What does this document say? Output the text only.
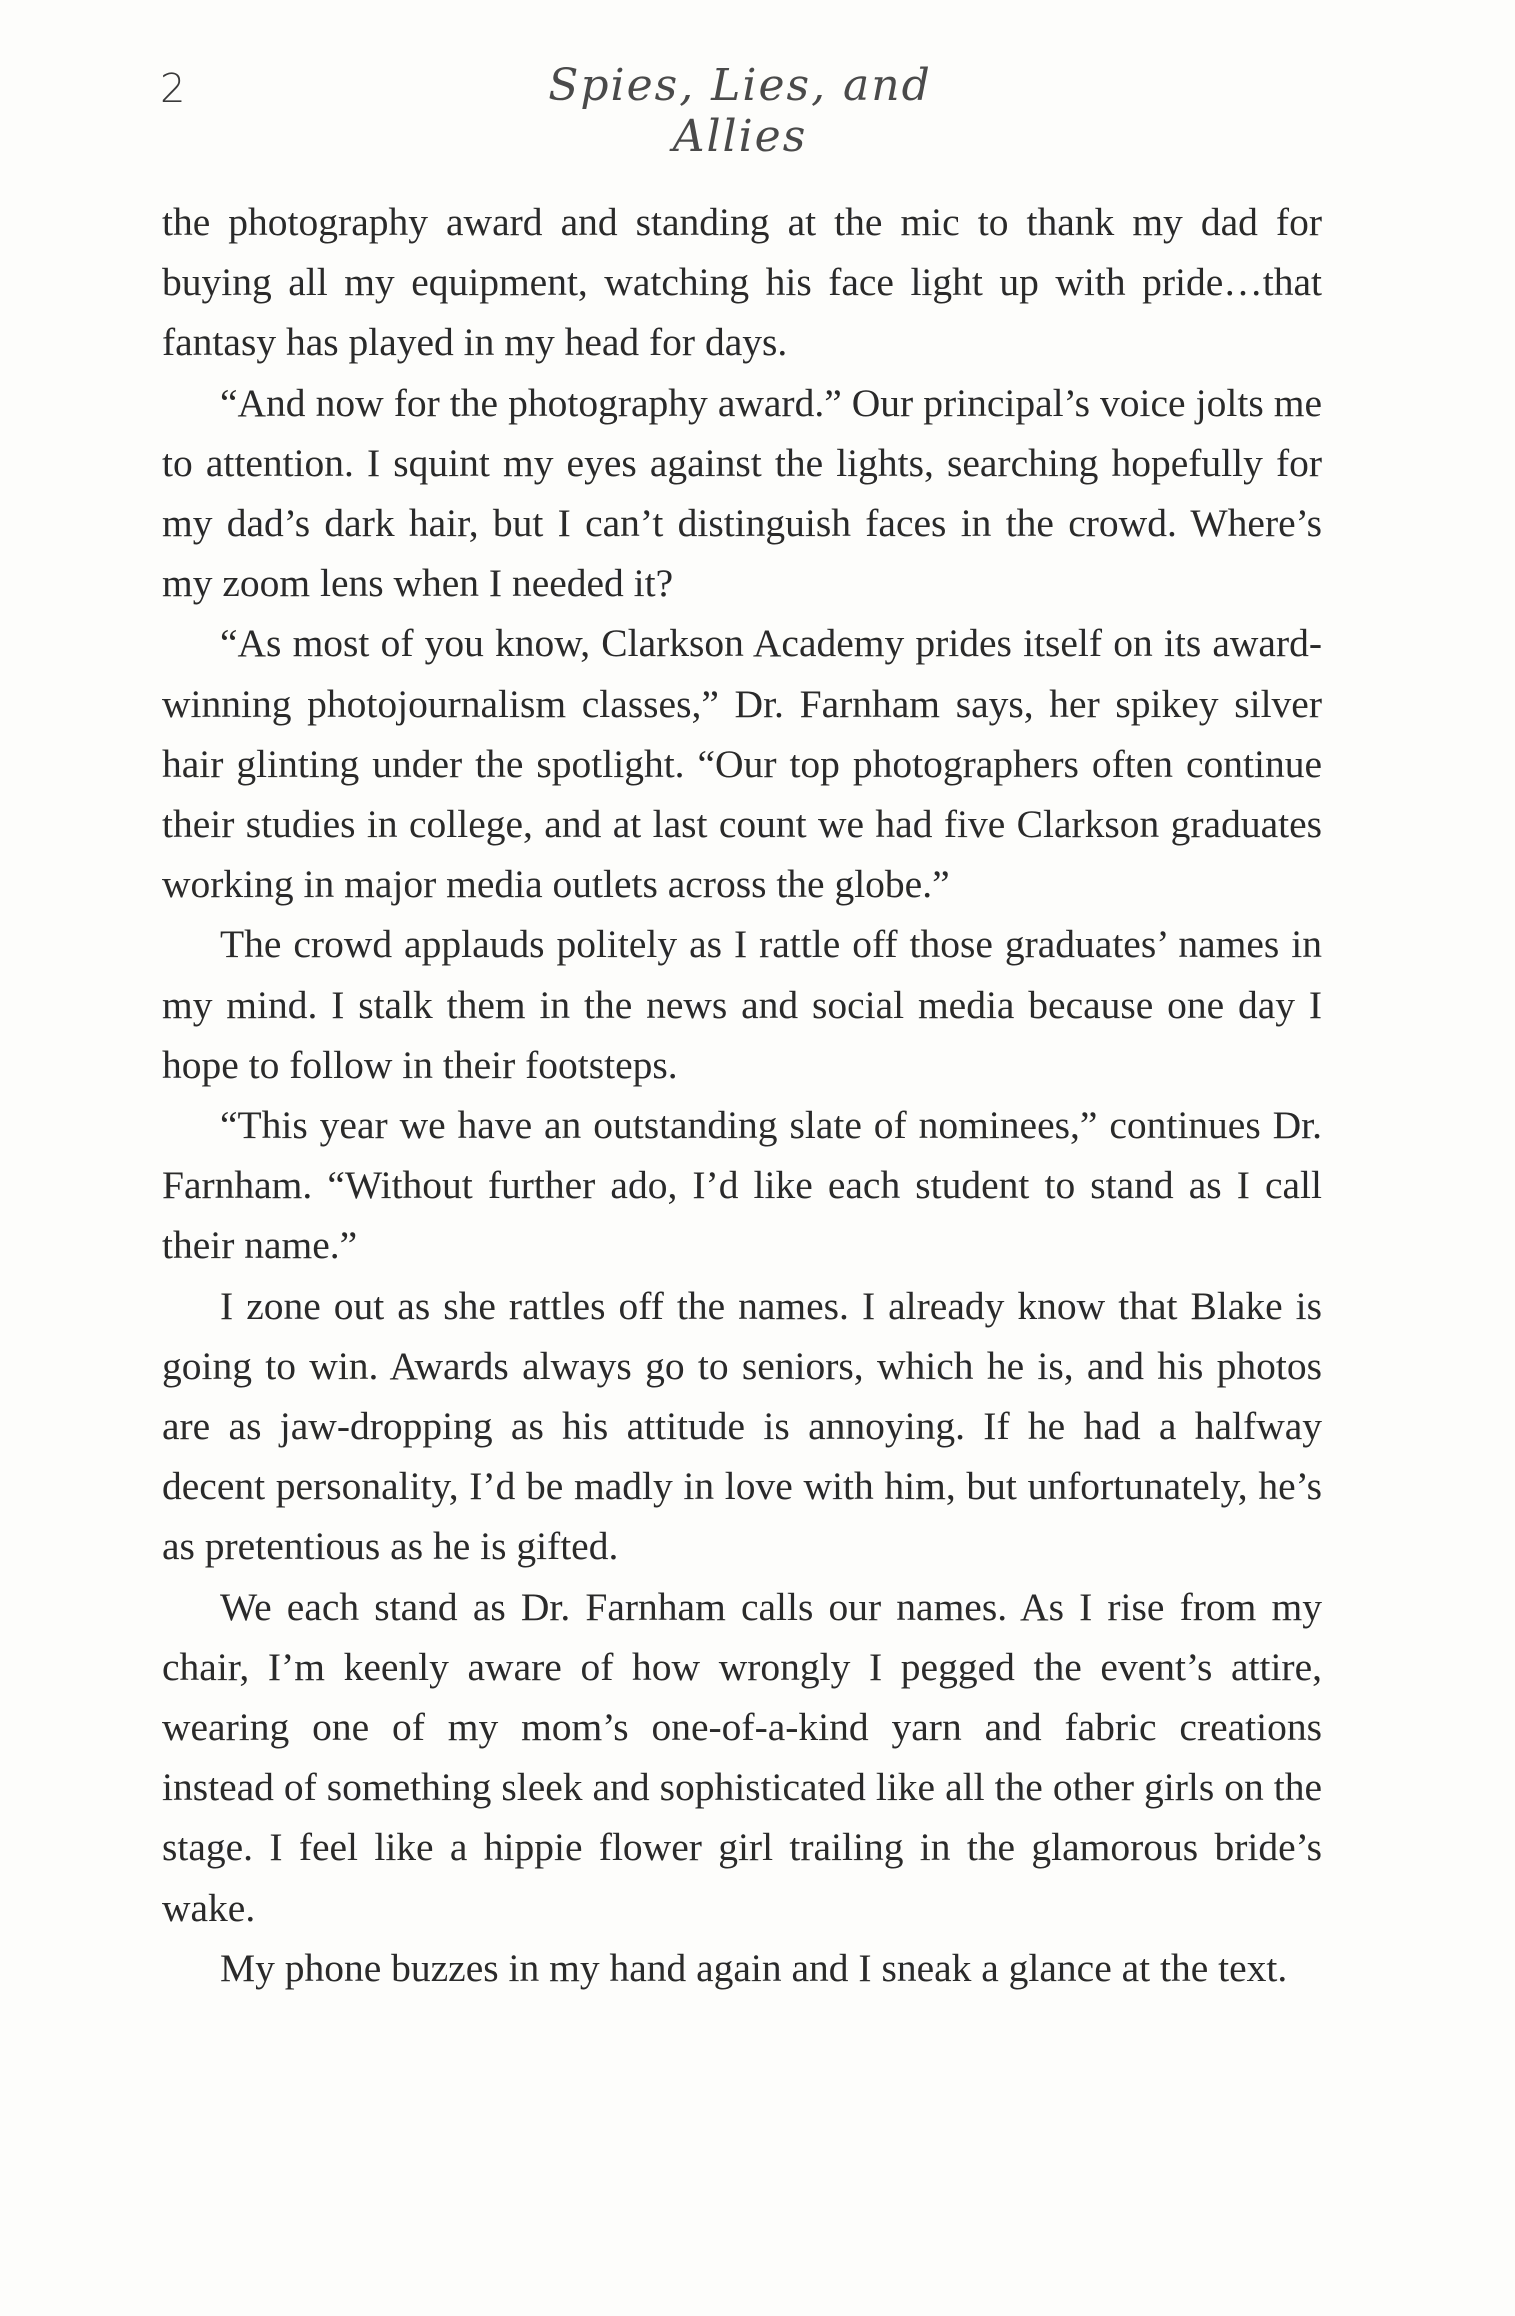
2	Spies, Lies, and Allies

the photography award and standing at the mic to thank my dad for buying all my equipment, watching his face light up with pride…that fantasy has played in my head for days.

“And now for the photography award.” Our principal’s voice jolts me to attention. I squint my eyes against the lights, searching hopefully for my dad’s dark hair, but I can’t distinguish faces in the crowd. Where’s my zoom lens when I needed it?

“As most of you know, Clarkson Academy prides itself on its award-winning photojournalism classes,” Dr. Farnham says, her spikey silver hair glinting under the spotlight. “Our top photographers often continue their studies in college, and at last count we had five Clarkson graduates working in major media outlets across the globe.”

The crowd applauds politely as I rattle off those graduates’ names in my mind. I stalk them in the news and social media because one day I hope to follow in their footsteps.

“This year we have an outstanding slate of nominees,” continues Dr. Farnham. “Without further ado, I’d like each student to stand as I call their name.”

I zone out as she rattles off the names. I already know that Blake is going to win. Awards always go to seniors, which he is, and his photos are as jaw-dropping as his attitude is annoying. If he had a halfway decent personality, I’d be madly in love with him, but unfortunately, he’s as pretentious as he is gifted.

We each stand as Dr. Farnham calls our names. As I rise from my chair, I’m keenly aware of how wrongly I pegged the event’s attire, wearing one of my mom’s one-of-a-kind yarn and fabric creations instead of something sleek and sophisticated like all the other girls on the stage. I feel like a hippie flower girl trailing in the glamorous bride’s wake.

My phone buzzes in my hand again and I sneak a glance at the text.
